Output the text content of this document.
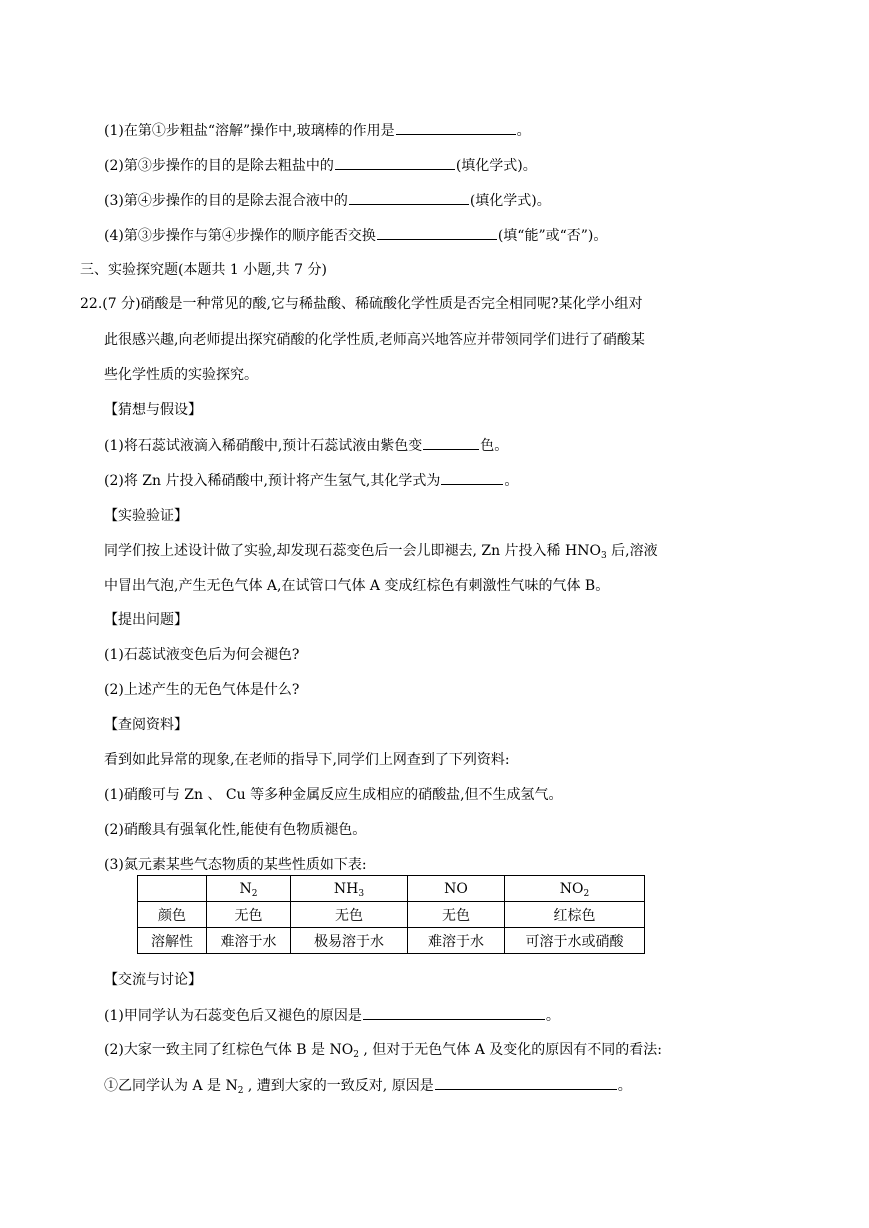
(1)在第①步粗盐“溶解”操作中,玻璃棒的作用是	。
(2)第③步操作的目的是除去粗盐中的	(填化学式)。
(3)第④步操作的目的是除去混合液中的	(填化学式)。
(4)第③步操作与第④步操作的顺序能否交换	(填“能”或“否”)。
三、实验探究题(本题共 1 小题,共 7 分)
22.(7 分)硝酸是一种常见的酸,它与稀盐酸、稀硫酸化学性质是否完全相同呢?某化学小组对
此很感兴趣,向老师提出探究硝酸的化学性质,老师高兴地答应并带领同学们进行了硝酸某
些化学性质的实验探究。
【猜想与假设】
(1)将石蕊试液滴入稀硝酸中,预计石蕊试液由紫色变	色。
(2)将 Zn 片投入稀硝酸中,预计将产生氢气,其化学式为	。
【实验验证】
同学们按上述设计做了实验,却发现石蕊变色后一会儿即褪去, Zn 片投入稀 $HNO_3$ 后,溶液
中冒出气泡,产生无色气体 A,在试管口气体 A 变成红棕色有刺激性气味的气体 B。
【提出问题】
(1)石蕊试液变色后为何会褪色?
(2)上述产生的无色气体是什么?
【查阅资料】
看到如此异常的现象,在老师的指导下,同学们上网查到了下列资料:
(1)硝酸可与 Zn 、 Cu 等多种金属反应生成相应的硝酸盐,但不生成氢气。
(2)硝酸具有强氧化性,能使有色物质褪色。
(3)氮元素某些气态物质的某些性质如下表:
	$N_2$	$NH_3$	NO	$NO_2$
颜色	无色	无色	无色	红棕色
溶解性	难溶于水	极易溶于水	难溶于水	可溶于水或硝酸
【交流与讨论】
(1)甲同学认为石蕊变色后又褪色的原因是	。
(2)大家一致主同了红棕色气体 B 是 $NO_2$ , 但对于无色气体 A 及变化的原因有不同的看法:
①乙同学认为 A 是 $N_2$ , 遭到大家的一致反对, 原因是	。
